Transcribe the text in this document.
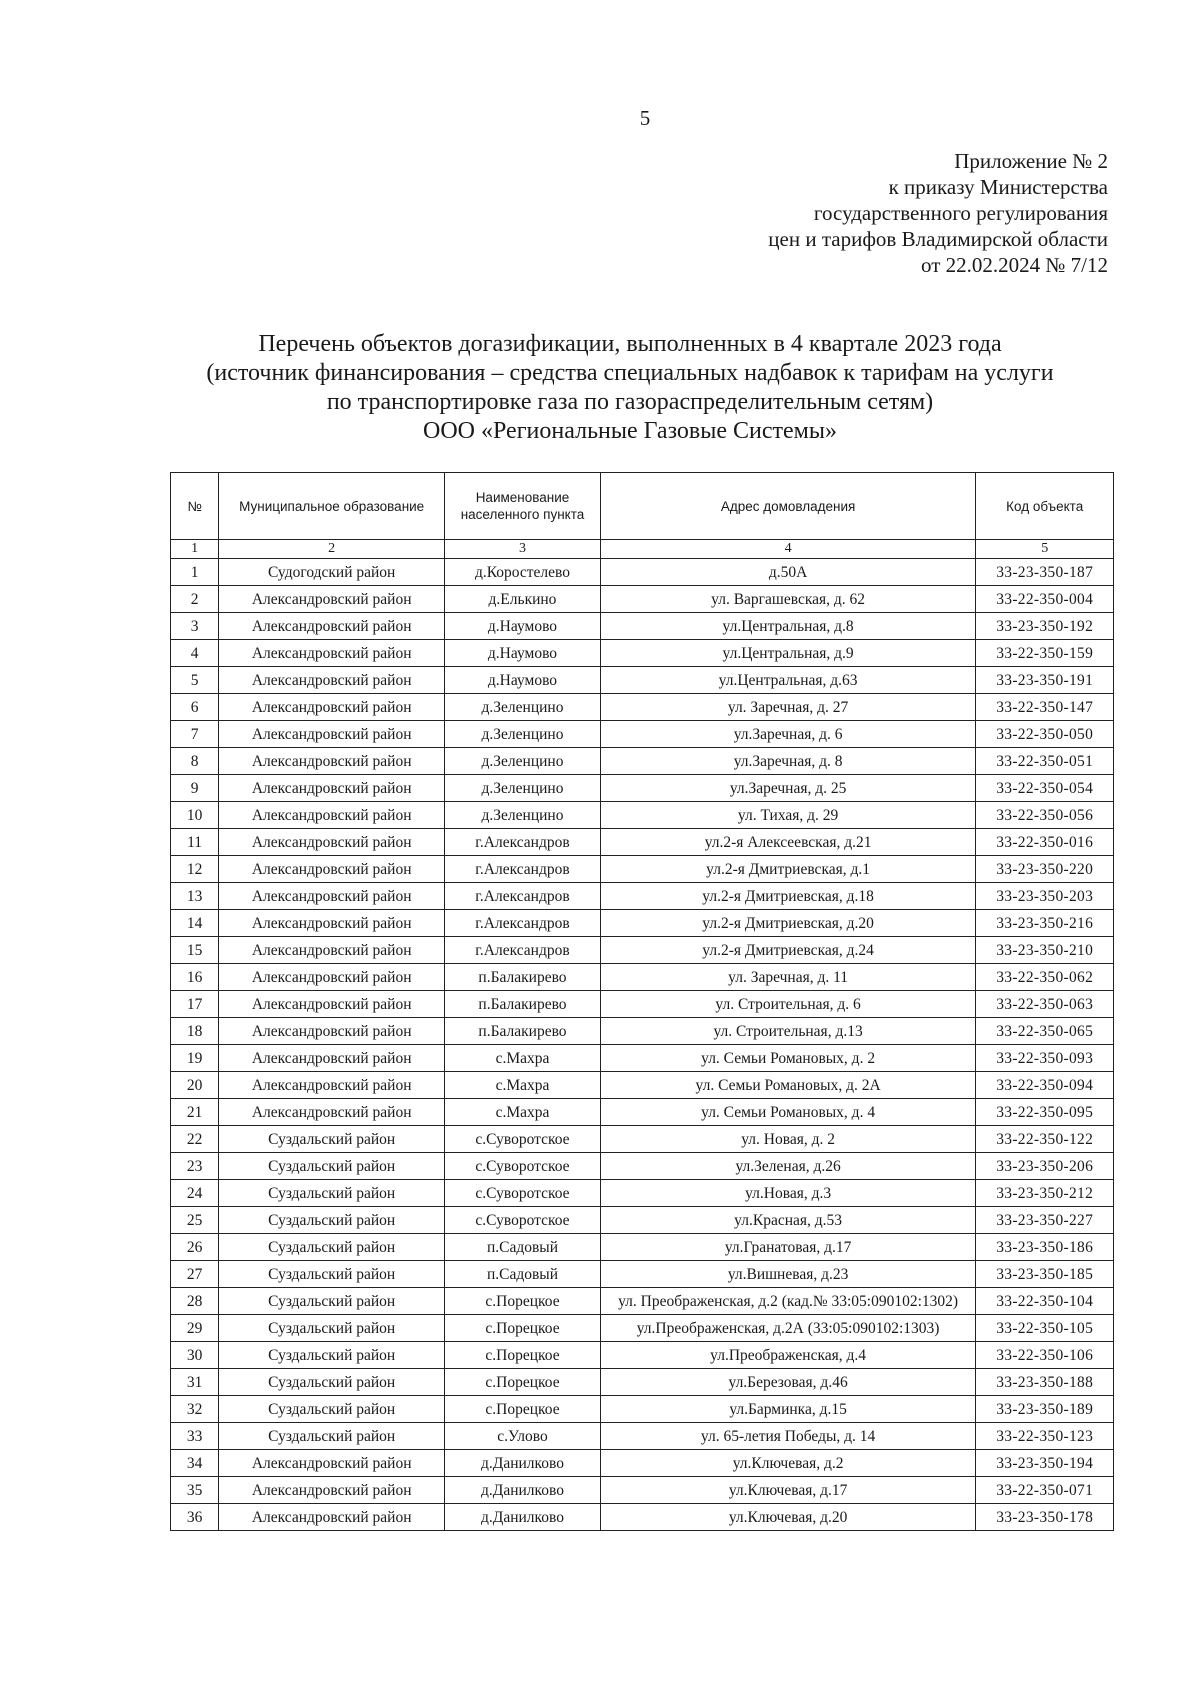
5
Приложение № 2
к приказу Министерства
государственного регулирования
цен и тарифов Владимирской области
от 22.02.2024 № 7/12
Перечень объектов догазификации, выполненных в 4 квартале 2023 года
(источник финансирования – средства специальных надбавок к тарифам на услуги
по транспортировке газа по газораспределительным сетям)
ООО «Региональные Газовые Системы»
№	Муниципальное образование	Наименование населенного пункта	Адрес домовладения	Код объекта
1	2	3	4	5
1	Судогодский район	д.Коростелево	д.50А	33-23-350-187
2	Александровский район	д.Елькино	ул. Варгашевская, д. 62	33-22-350-004
3	Александровский район	д.Наумово	ул.Центральная, д.8	33-23-350-192
4	Александровский район	д.Наумово	ул.Центральная, д.9	33-22-350-159
5	Александровский район	д.Наумово	ул.Центральная, д.63	33-23-350-191
6	Александровский район	д.Зеленцино	ул. Заречная, д. 27	33-22-350-147
7	Александровский район	д.Зеленцино	ул.Заречная, д. 6	33-22-350-050
8	Александровский район	д.Зеленцино	ул.Заречная, д. 8	33-22-350-051
9	Александровский район	д.Зеленцино	ул.Заречная, д. 25	33-22-350-054
10	Александровский район	д.Зеленцино	ул. Тихая, д. 29	33-22-350-056
11	Александровский район	г.Александров	ул.2-я Алексеевская, д.21	33-22-350-016
12	Александровский район	г.Александров	ул.2-я Дмитриевская, д.1	33-23-350-220
13	Александровский район	г.Александров	ул.2-я Дмитриевская, д.18	33-23-350-203
14	Александровский район	г.Александров	ул.2-я Дмитриевская, д.20	33-23-350-216
15	Александровский район	г.Александров	ул.2-я Дмитриевская, д.24	33-23-350-210
16	Александровский район	п.Балакирево	ул. Заречная, д. 11	33-22-350-062
17	Александровский район	п.Балакирево	ул. Строительная, д. 6	33-22-350-063
18	Александровский район	п.Балакирево	ул. Строительная, д.13	33-22-350-065
19	Александровский район	с.Махра	ул. Семьи Романовых, д. 2	33-22-350-093
20	Александровский район	с.Махра	ул. Семьи Романовых, д. 2А	33-22-350-094
21	Александровский район	с.Махра	ул. Семьи Романовых, д. 4	33-22-350-095
22	Суздальский район	с.Суворотское	ул. Новая, д. 2	33-22-350-122
23	Суздальский район	с.Суворотское	ул.Зеленая, д.26	33-23-350-206
24	Суздальский район	с.Суворотское	ул.Новая, д.3	33-23-350-212
25	Суздальский район	с.Суворотское	ул.Красная, д.53	33-23-350-227
26	Суздальский район	п.Садовый	ул.Гранатовая, д.17	33-23-350-186
27	Суздальский район	п.Садовый	ул.Вишневая, д.23	33-23-350-185
28	Суздальский район	с.Порецкое	ул. Преображенская, д.2 (кад.№ 33:05:090102:1302)	33-22-350-104
29	Суздальский район	с.Порецкое	ул.Преображенская, д.2А (33:05:090102:1303)	33-22-350-105
30	Суздальский район	с.Порецкое	ул.Преображенская, д.4	33-22-350-106
31	Суздальский район	с.Порецкое	ул.Березовая, д.46	33-23-350-188
32	Суздальский район	с.Порецкое	ул.Барминка, д.15	33-23-350-189
33	Суздальский район	с.Улово	ул. 65-летия Победы, д. 14	33-22-350-123
34	Александровский район	д.Данилково	ул.Ключевая, д.2	33-23-350-194
35	Александровский район	д.Данилково	ул.Ключевая, д.17	33-22-350-071
36	Александровский район	д.Данилково	ул.Ключевая, д.20	33-23-350-178
